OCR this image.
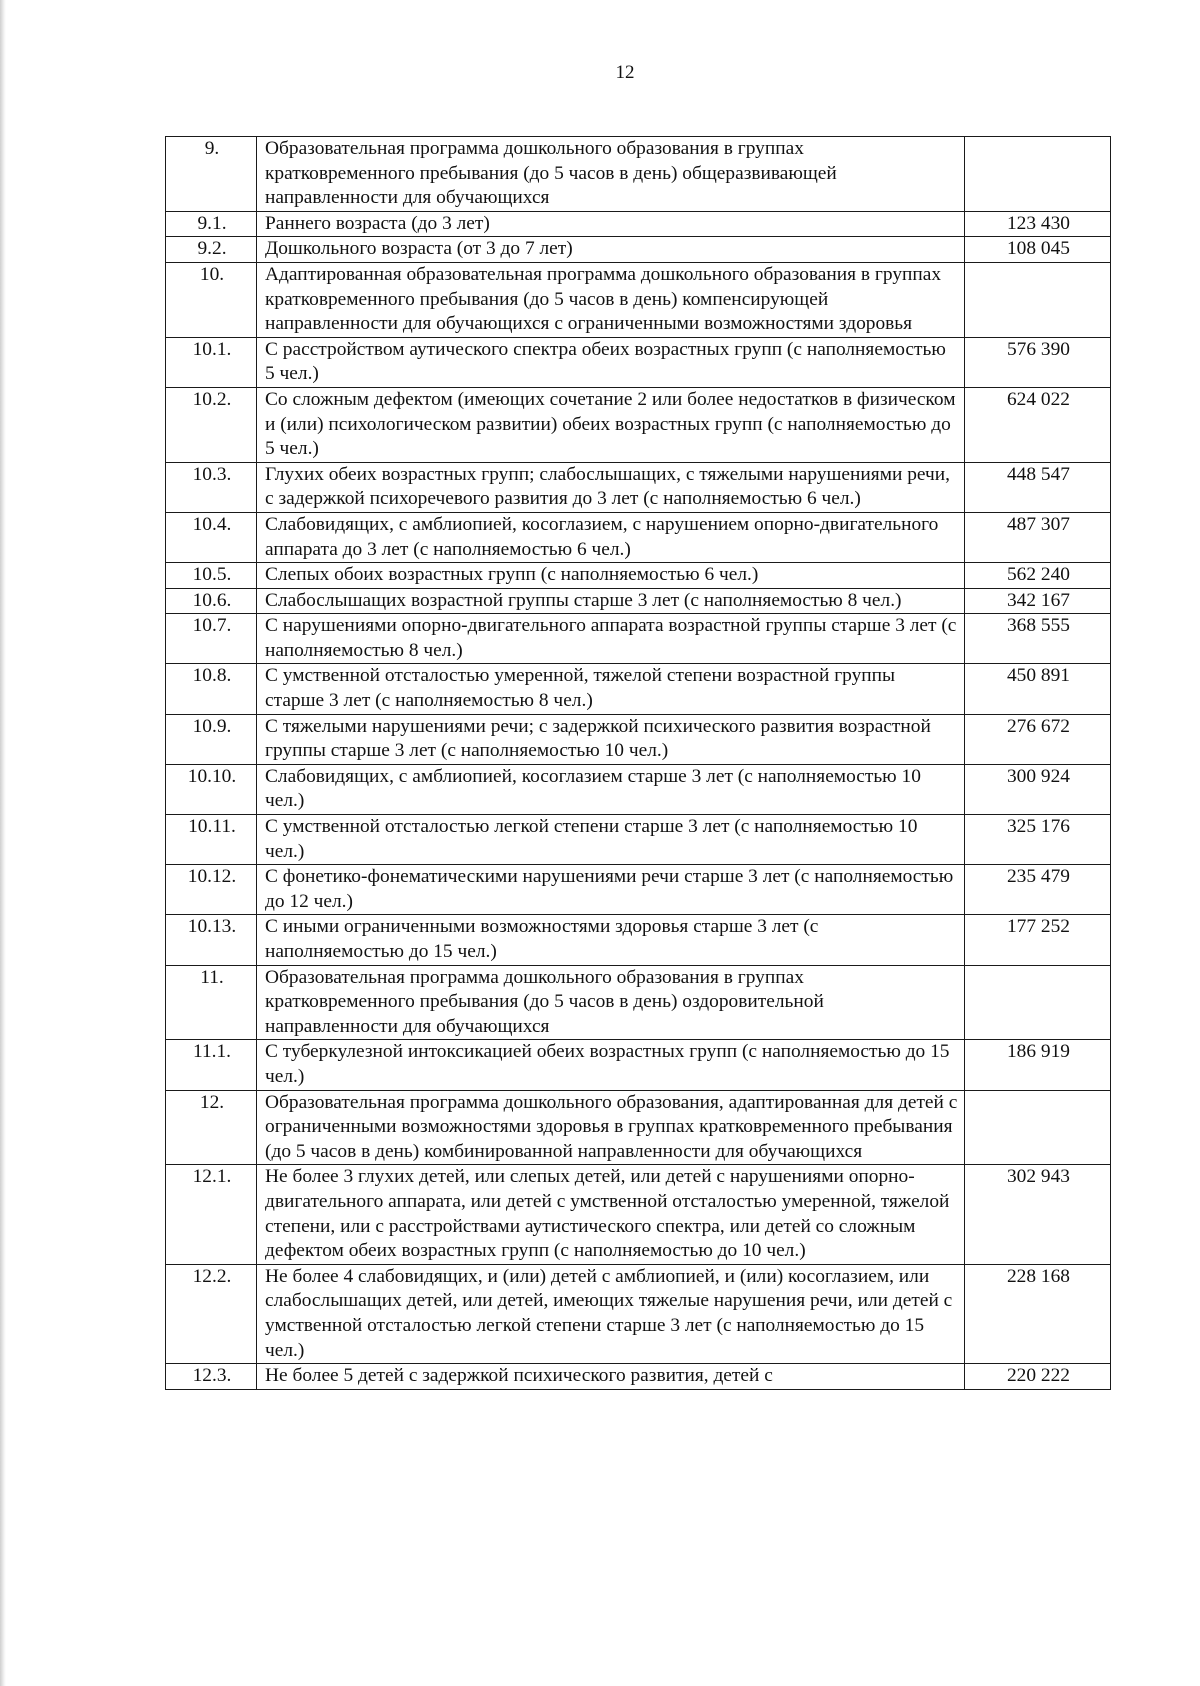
12
9.	Образовательная программа дошкольного образования в группах кратковременного пребывания (до 5 часов в день) общеразвивающей направленности для обучающихся	
9.1.	Раннего возраста (до 3 лет)	123 430
9.2.	Дошкольного возраста (от 3 до 7 лет)	108 045
10.	Адаптированная образовательная программа дошкольного образования в группах кратковременного пребывания (до 5 часов в день) компенсирующей направленности для обучающихся с ограниченными возможностями здоровья	
10.1.	С расстройством аутического спектра обеих возрастных групп (с наполняемостью 5 чел.)	576 390
10.2.	Со сложным дефектом (имеющих сочетание 2 или более недостатков в физическом и (или) психологическом развитии) обеих возрастных групп (с наполняемостью до 5 чел.)	624 022
10.3.	Глухих обеих возрастных групп; слабослышащих, с тяжелыми нарушениями речи, с задержкой психоречевого развития до 3 лет (с наполняемостью 6 чел.)	448 547
10.4.	Слабовидящих, с амблиопией, косоглазием, с нарушением опорно-двигательного аппарата до 3 лет (с наполняемостью 6 чел.)	487 307
10.5.	Слепых обоих возрастных групп (с наполняемостью 6 чел.)	562 240
10.6.	Слабослышащих возрастной группы старше 3 лет (с наполняемостью 8 чел.)	342 167
10.7.	С нарушениями опорно-двигательного аппарата возрастной группы старше 3 лет (с наполняемостью 8 чел.)	368 555
10.8.	С умственной отсталостью умеренной, тяжелой степени возрастной группы старше 3 лет (с наполняемостью 8 чел.)	450 891
10.9.	С тяжелыми нарушениями речи; с задержкой психического развития возрастной группы старше 3 лет (с наполняемостью 10 чел.)	276 672
10.10.	Слабовидящих, с амблиопией, косоглазием старше 3 лет (с наполняемостью 10 чел.)	300 924
10.11.	С умственной отсталостью легкой степени старше 3 лет (с наполняемостью 10 чел.)	325 176
10.12.	С фонетико-фонематическими нарушениями речи старше 3 лет (с наполняемостью до 12 чел.)	235 479
10.13.	С иными ограниченными возможностями здоровья старше 3 лет (с наполняемостью до 15 чел.)	177 252
11.	Образовательная программа дошкольного образования в группах кратковременного пребывания (до 5 часов в день) оздоровительной направленности для обучающихся	
11.1.	С туберкулезной интоксикацией обеих возрастных групп (с наполняемостью до 15 чел.)	186 919
12.	Образовательная программа дошкольного образования, адаптированная для детей с ограниченными возможностями здоровья в группах кратковременного пребывания (до 5 часов в день) комбинированной направленности для обучающихся	
12.1.	Не более 3 глухих детей, или слепых детей, или детей с нарушениями опорно-двигательного аппарата, или детей с умственной отсталостью умеренной, тяжелой степени, или с расстройствами аутистического спектра, или детей со сложным дефектом обеих возрастных групп (с наполняемостью до 10 чел.)	302 943
12.2.	Не более 4 слабовидящих, и (или) детей с амблиопией, и (или) косоглазием, или слабослышащих детей, или детей, имеющих тяжелые нарушения речи, или детей с умственной отсталостью легкой степени старше 3 лет (с наполняемостью до 15 чел.)	228 168
12.3.	Не более 5 детей с задержкой психического развития, детей с	220 222
